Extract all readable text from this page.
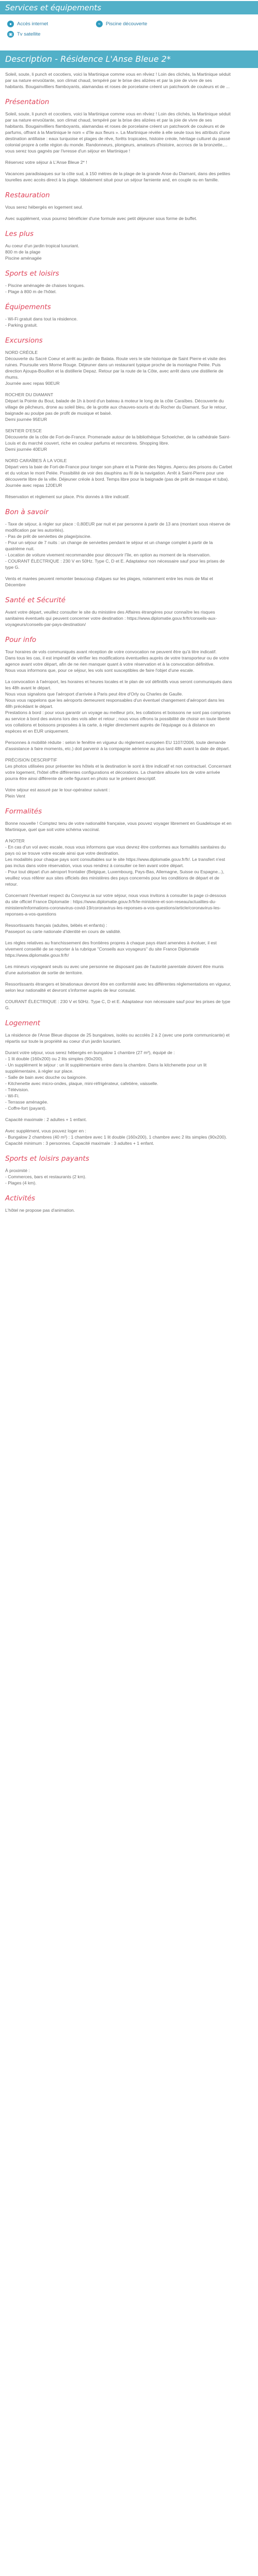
Services et équipements
●	Accès internet	≈	Piscine découverte
▣ Tv satellite
Description - Résidence L'Anse Bleue 2*

Soleil, soute, li punch et cocotiers, voici la Martinique comme vous en rêviez ! Loin des clichés, la Martinique séduit par sa nature envoûtante, son climat chaud, tempéré par le brise des alizées et par la joie de vivre de ses habitants. Bougainvilliers flamboyants, alamandas et roses de porcelaine créent un patchwork de couleurs et de ...

Présentation
Soleil, soute, li punch et cocotiers, voici la Martinique comme vous en rêviez ! Loin des clichés, la Martinique séduit par sa nature envoûtante, son climat chaud, tempéré par la brise des alizées et par la joie de vivre de ses habitants. Bougainvilliers flamboyants, alamandas et roses de porcelaine créent un patchwork de couleurs et de parfums, offrant à la Martinique le nom « d'île aux fleurs ». La Martinique révèle à elle seule tous les attributs d'une destination antillaise : eaux turquoise et plages de rêve, forêts tropicales, histoire créole, héritage culturel du passé colonial propre à cette région du monde. Randonneurs, plongeurs, amateurs d'histoire, accrocs de la bronzette,... vous serez tous gagnés par l'ivresse d'un séjour en Martinique !
Réservez votre séjour à L'Anse Bleue 2* !
Vacances paradisiaques sur la côte sud, à 150 mètres de la plage de la grande Anse du Diamant, dans des petites tourelles avec accès direct à la plage. Idéalement situé pour un séjour farniente and, en couple ou en famille.
Restauration
Vous serez hébergés en logement seul.
Avec supplément, vous pourrez bénéficier d'une formule avec petit déjeuner sous forme de buffet.
Les plus
Au coeur d'un jardin tropical luxuriant.
800 m de la plage
Piscine aménagée
Sports et loisirs
- Piscine aménagée de chaises longues.
- Plage à 800 m de l'hôtel.
Équipements
- Wi-Fi gratuit dans tout la résidence.
- Parking gratuit.
Excursions
NORD CRÉOLE
Découverte du Sacré Coeur et arrêt au jardin de Balata. Route vers le site historique de Saint Pierre et visite des ruines. Poursuite vers Morne Rouge. Déjeuner dans un restaurant typique proche de la montagne Pelée. Puis direction Ajoupa-Bouillon et la distillerie Depaz. Retour par la route de la Côte, avec arrêt dans une distillerie de rhums.
Journée avec repas 90EUR
ROCHER DU DIAMANT
Départ la Pointe du Bout, balade de 1h à bord d'un bateau à moteur le long de la côte Caraïbes. Découverte du village de pêcheurs, drone au soleil bleu, de la grotte aux chauves-souris et du Rocher du Diamant. Sur le retour, baignade au poulpe pas de profit de musique et baisé.
Demi journée 95EUR
SENTIER D'ESCE
Découverte de la côte de Fort-de-France. Promenade autour de la bibliothèque Schoelcher, de la cathédrale Saint-Louis et du marché couvert, riche en couleur parfums et rencontres. Shopping libre.
Demi journée 40EUR
NORD CARAÏBES À LA VOILE
Départ vers la baie de Fort-de-France pour longer son phare et la Pointe des Nègres. Apercu des prisons du Carbet et du volcan le mont Pelée. Possibilité de voir des dauphins au fil de la navigation. Arrêt à Saint-Pierre pour une découverte libre de la ville. Déjeuner créole à bord. Temps libre pour la baignade (pas de prêt de masque et tuba).
Journée avec repas 120EUR
Réservation et règlement sur place. Prix donnés à titre indicatif.
Bon à savoir
- Taxe de séjour, à régler sur place : 0,80EUR par nuit et par personne à partir de 13 ans (montant sous réserve de modification par les autorités).
- Pas de prêt de serviettes de plage/piscine.
- Pour un séjour de 7 nuits : un change de serviettes pendant le séjour et un change complet à partir de la quatrième nuit.
- Location de voiture vivement recommandée pour découvrir l'île, en option au moment de la réservation.
- COURANT ÉLECTRIQUE : 230 V en 50Hz. Type C, D et E. Adaptateur non nécessaire sauf pour les prises de type G.
Vents et marées peuvent remonter beaucoup d'algues sur les plages, notamment entre les mois de Mai et Décembre
Santé et Sécurité
Avant votre départ, veuillez consulter le site du ministère des Affaires étrangères pour connaître les risques sanitaires éventuels qui peuvent concerner votre destination : https://www.diplomatie.gouv.fr/fr/conseils-aux-voyageurs/conseils-par-pays-destination/
Pour info
Tour horaires de vols communiqués avant réception de votre convocation ne peuvent être qu'à titre indicatif.
Dans tous les cas, il est impératif de vérifier les modifications éventuelles auprès de votre transporteur ou de votre agence avant votre départ, afin de ne rien manquer quant à votre réservation et à la convocation définitive.
Nous vous informons que, pour ce séjour, les vols sont susceptibles de faire l'objet d'une escale.
La convocation à l'aéroport, les horaires et heures locales et le plan de vol définitifs vous seront communiqués dans les 48h avant le départ.
Nous vous signalons que l'aéroport d'arrivée à Paris peut être d'Orly ou Charles de Gaulle.
Nous vous rappelons que les aéroports demeurent responsables d'un éventuel changement d'aéroport dans les 48h précédant le départ.
Prestations à bord : pour vous garantir un voyage au meilleur prix, les collations et boissons ne sont pas comprises au service à bord des avions lors des vols aller et retour ; nous vous offrons la possibilité de choisir en toute liberté vos collations et boissons proposées à la carte, à régler directement auprès de l'équipage ou à distance en espèces et en EUR uniquement.
Personnes à mobilité réduite : selon le fenêtre en vigueur du règlement européen EU 1107/2006, toute demande d'assistance à faire moments, etc.) doit parvenir à la compagnie aérienne au plus tard 48h avant la date de départ.
PRÉCISION DESCRIPTIF
Les photos utilisées pour présenter les hôtels et la destination le sont à titre indicatif et non contractuel. Concernant votre logement, l'hôtel offre différentes configurations et décorations. La chambre allouée lors de votre arrivée pourra être ainsi différente de celle figurant en photo sur le présent descriptif.
Votre séjour est assuré par le tour-opérateur suivant :
Plein Vent
Formalités
Bonne nouvelle ! Comptez tenu de votre nationalité française, vous pouvez voyager librement en Guadeloupe et en Martinique, quel que soit votre schéma vaccinal.
A NOTER
- En cas d'un vol avec escale, nous vous informons que vous devrez être conformes aux formalités sanitaires du pays où se trouve votre escale ainsi que votre destination.
Les modalités pour chaque pays sont consultables sur le site https://www.diplomatie.gouv.fr/fr/. Le transfert n'est pas inclus dans votre réservation, vous vous rendrez à consulter ce lien avant votre départ.
- Pour tout départ d'un aéroport frontalier (Belgique, Luxembourg, Pays-Bas, Allemagne, Suisse ou Espagne...), veuillez vous référer aux sites officiels des ministères des pays concernés pour les conditions de départ et de retour.
Concernant l'éventuel respect du Covoyeur.ia sur votre séjour, nous vous invitons à consulter la page ci-dessous du site officiel France Diplomatie : https://www.diplomatie.gouv.fr/fr/le-ministere-et-son-reseau/actualites-du-ministere/informations-coronavirus-covid-19/coronavirus-les-reponses-a-vos-questions/article/coronavirus-les-reponses-a-vos-questions
Ressortissants français (adultes, bébés et enfants) :
Passeport ou carte nationale d'identité en cours de validité.
Les règles relatives au franchissement des frontières propres à chaque pays étant amenées à évoluer, il est vivement conseillé de se reporter à la rubrique "Conseils aux voyageurs" du site France Diplomatie https://www.diplomatie.gouv.fr/fr/
Les mineurs voyageant seuls ou avec une personne ne disposant pas de l'autorité parentale doivent être munis d'une autorisation de sortie de territoire.
Ressortissants étrangers et binationaux devront être en conformité avec les différentes réglementations en vigueur, selon leur nationalité et devront s'informer auprès de leur consulat.
COURANT ÉLECTRIQUE : 230 V et 50Hz. Type C, D et E. Adaptateur non nécessaire sauf pour les prises de type G.
Logement
La résidence de l'Anse Bleue dispose de 25 bungalows, isolés ou accolés 2 à 2 (avec une porte communicante) et répartis sur toute la propriété au coeur d'un jardin luxuriant.
Durant votre séjour, vous serez hébergés en bungalow 1 chambre (27 m²), équipé de :
- 1 lit double (160x200) ou 2 lits simples (90x200).
- Un supplément le séjour : un lit supplémentaire entre dans la chambre. Dans la kitchenette pour un lit supplémentaire, à régler sur place.
- Salle de bain avec douche ou baignoire.
- Kitchenette avec micro-ondes, plaque, mini-réfrigérateur, cafetière, vaisselle.
- Télévision.
- Wi-Fi.
- Terrasse aménagée.
- Coffre-fort (payant).
Capacité maximale : 2 adultes + 1 enfant.
Avec supplément, vous pouvez loger en :
- Bungalow 2 chambres (40 m²) : 1 chambre avec 1 lit double (160x200), 1 chambre avec 2 lits simples (90x200). Capacité minimum : 3 personnes. Capacité maximale : 3 adultes + 1 enfant.
Sports et loisirs payants
À proximité :
- Commerces, bars et restaurants (2 km).
- Plages (4 km).
Activités
L'hôtel ne propose pas d'animation.
